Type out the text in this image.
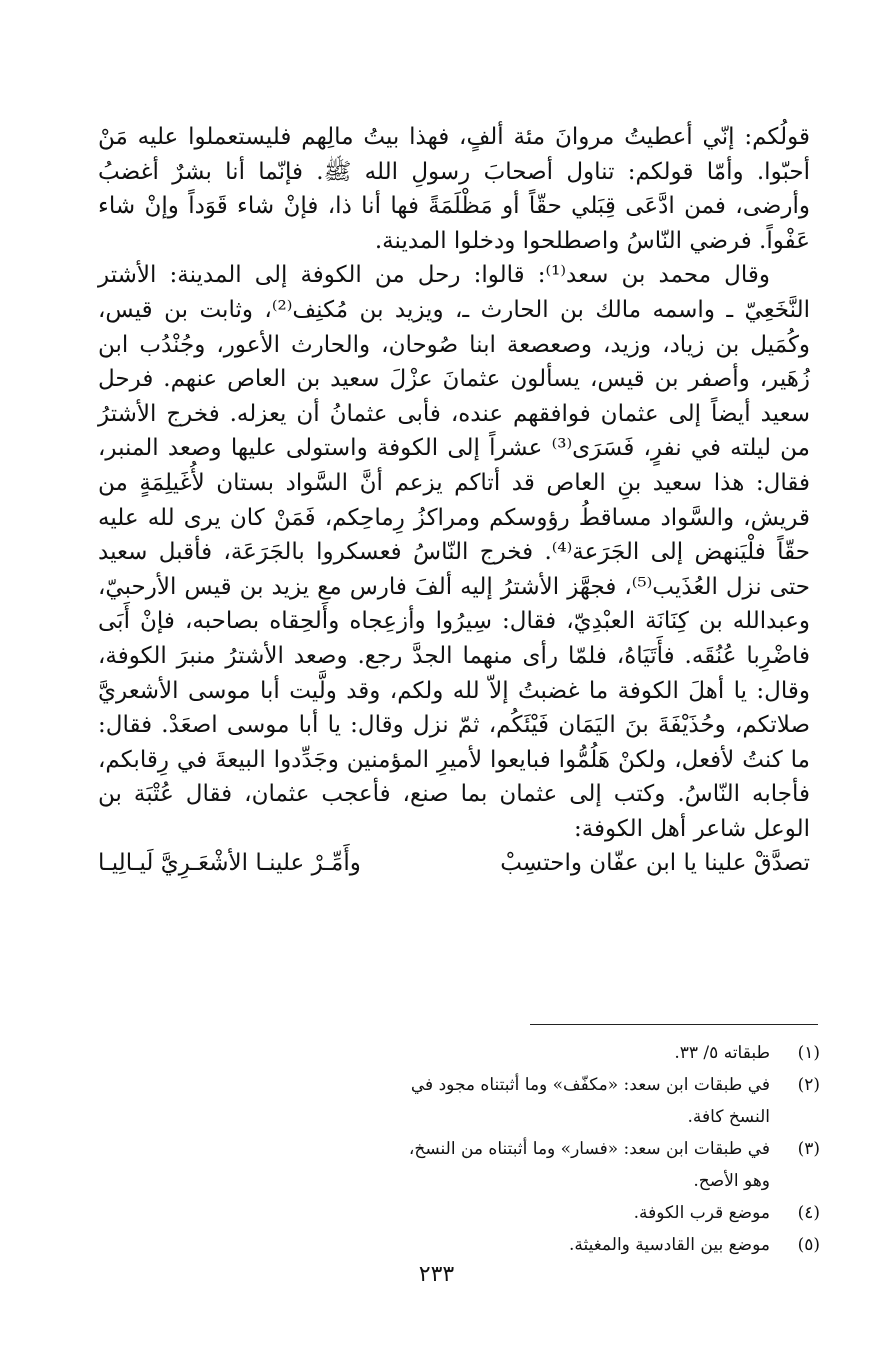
قولُكم: إنّي أعطيتُ مروانَ مئة ألفٍ، فهذا بيتُ مالِهم فليستعملوا عليه مَنْ أحبّوا. وأمّا قولكم: تناول أصحابَ رسولِ الله ﷺ. فإنّما أنا بشرٌ أغضبُ وأرضى، فمن ادَّعَى قِبَلي حقّاً أو مَظْلَمَةً فها أنا ذا، فإنْ شاء قَوَداً وإنْ شاء عَفْواً. فرضي النّاسُ واصطلحوا ودخلوا المدينة.

وقال محمد بن سعد⁽¹⁾: قالوا: رحل من الكوفة إلى المدينة: الأشتر النَّخَعِيّ ـ واسمه مالك بن الحارث ـ، ويزيد بن مُكنِف⁽²⁾، وثابت بن قيس، وكُمَيل بن زياد، وزيد، وصعصعة ابنا صُوحان، والحارث الأعور، وجُنْدُب ابن زُهَير، وأصفر بن قيس، يسألون عثمانَ عزْلَ سعيد بن العاص عنهم. فرحل سعيد أيضاً إلى عثمان فوافقهم عنده، فأبى عثمانُ أن يعزله. فخرج الأشترُ من ليلته في نفرٍ، فَسَرَى⁽³⁾ عشراً إلى الكوفة واستولى عليها وصعد المنبر، فقال: هذا سعيد بنِ العاص قد أتاكم يزعم أنَّ السَّواد بستان لأُغَيلِمَةٍ من قريش، والسَّواد مساقطُ رؤوسكم ومراكزُ رِماحِكم، فَمَنْ كان يرى لله عليه حقّاً فلْيَنهض إلى الجَرَعة⁽⁴⁾. فخرج النّاسُ فعسكروا بالجَرَعَة، فأقبل سعيد حتى نزل العُذَيب⁽⁵⁾، فجهَّز الأشترُ إليه ألفَ فارس مع يزيد بن قيس الأرحبيّ، وعبدالله بن كِنَانَة العبْدِيّ، فقال: سِيرُوا وأزعِجاه وأَلحِقاه بصاحبه، فإنْ أَبَى فاضْرِبا عُنُقَه. فأَتَيَاهُ، فلمّا رأى منهما الجدَّ رجع. وصعد الأشترُ منبرَ الكوفة، وقال: يا أهلَ الكوفة ما غضبتُ إلاّ لله ولكم، وقد ولَّيت أبا موسى الأشعريَّ صلاتكم، وحُذَيْفَةَ بنَ اليَمَان فَيْئَكُم، ثمّ نزل وقال: يا أبا موسى اصعَدْ. فقال: ما كنتُ لأفعل، ولكنْ هَلُمُّوا فبايعوا لأميرِ المؤمنين وجَدِّدوا البيعةَ في رِقابكم، فأجابه النّاسُ. وكتب إلى عثمان بما صنع، فأعجب عثمان، فقال عُتْبَة بن الوعل شاعر أهل الكوفة:

تصدَّقْ علينا يا ابن عفّان واحتسِبْ
وأَمِّـرْ علينـا الأشْعَـرِيَّ لَيـالِيـا
(١)
طبقاته ٥/ ٣٣.
(٢)
في طبقات ابن سعد: «مكفّف» وما أثبتناه مجود في النسخ كافة.
(٣)
في طبقات ابن سعد: «فسار» وما أثبتناه من النسخ، وهو الأصح.
(٤)
موضع قرب الكوفة.
(٥)
موضع بين القادسية والمغيثة.
٢٣٣
